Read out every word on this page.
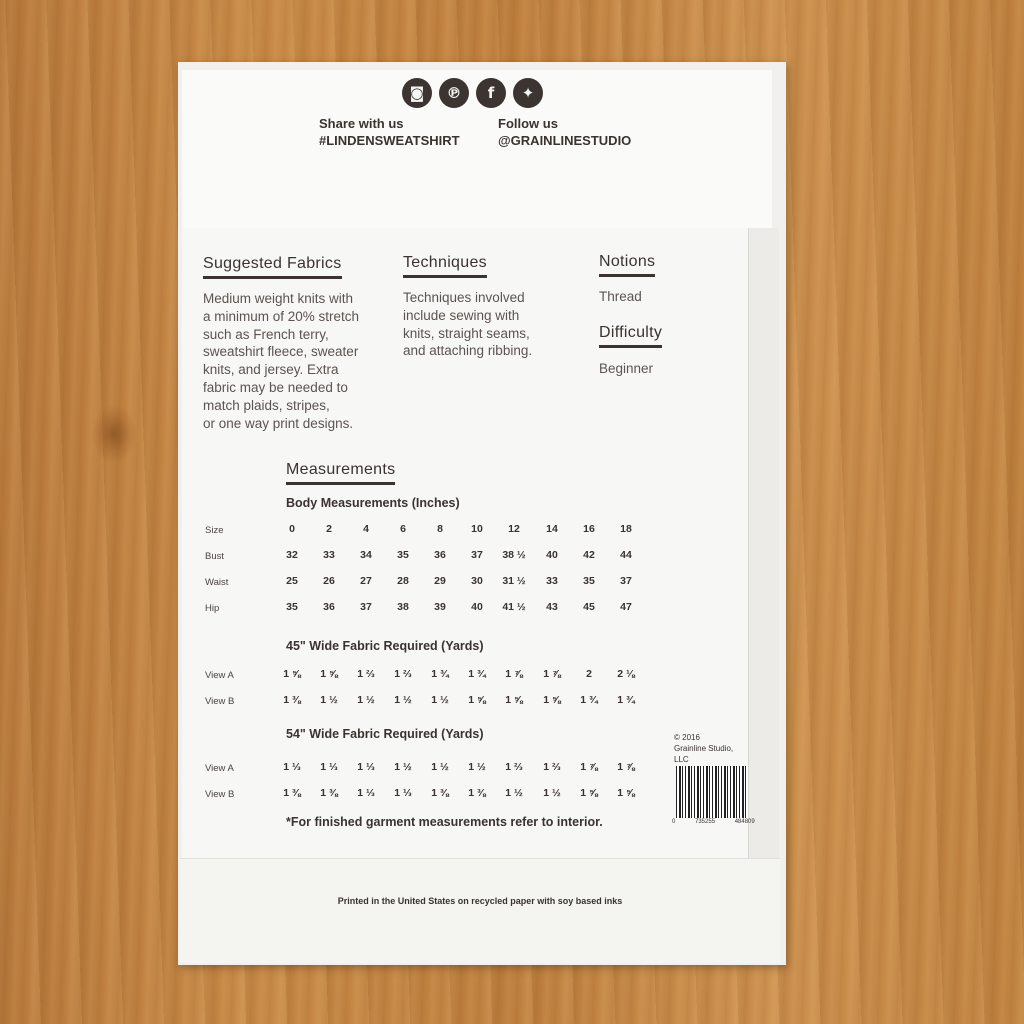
◙	℗	f	✦
Share with us
#LINDENSWEATSHIRT
Follow us
@GRAINLINESTUDIO
Suggested Fabrics
Medium weight knits with
a minimum of 20% stretch
such as French terry,
sweatshirt fleece, sweater
knits, and jersey. Extra
fabric may be needed to
match plaids, stripes,
or one way print designs.
Techniques
Techniques involved
include sewing with
knits, straight seams,
and attaching ribbing.
Notions
Thread
Difficulty
Beginner
Measurements
Body Measurements (Inches)
Size	0	2	4	6	8	10	12	14	16	18
Bust	32	33	34	35	36	37	38 ½	40	42	44
Waist	25	26	27	28	29	30	31 ½	33	35	37
Hip	35	36	37	38	39	40	41 ½	43	45	47
45" Wide Fabric Required (Yards)
View A	1 ⅝	1 ⅝	1 ⅔	1 ⅔	1 ¾	1 ¾	1 ⅞	1 ⅞	2	2 ⅛
View B	1 ⅜	1 ½	1 ½	1 ½	1 ½	1 ⅝	1 ⅝	1 ⅝	1 ¾	1 ¾
54" Wide Fabric Required (Yards)
View A	1 ⅓	1 ⅓	1 ⅓	1 ½	1 ½	1 ½	1 ⅔	1 ⅔	1 ⅞	1 ⅞
View B	1 ⅜	1 ⅜	1 ⅓	1 ⅓	1 ⅜	1 ⅜	1 ½	1 ½	1 ⅝	1 ⅝
*For finished garment measurements refer to interior.
© 2016
Grainline Studio,
LLC
0 735255 484809
Printed in the United States on recycled paper with soy based inks
